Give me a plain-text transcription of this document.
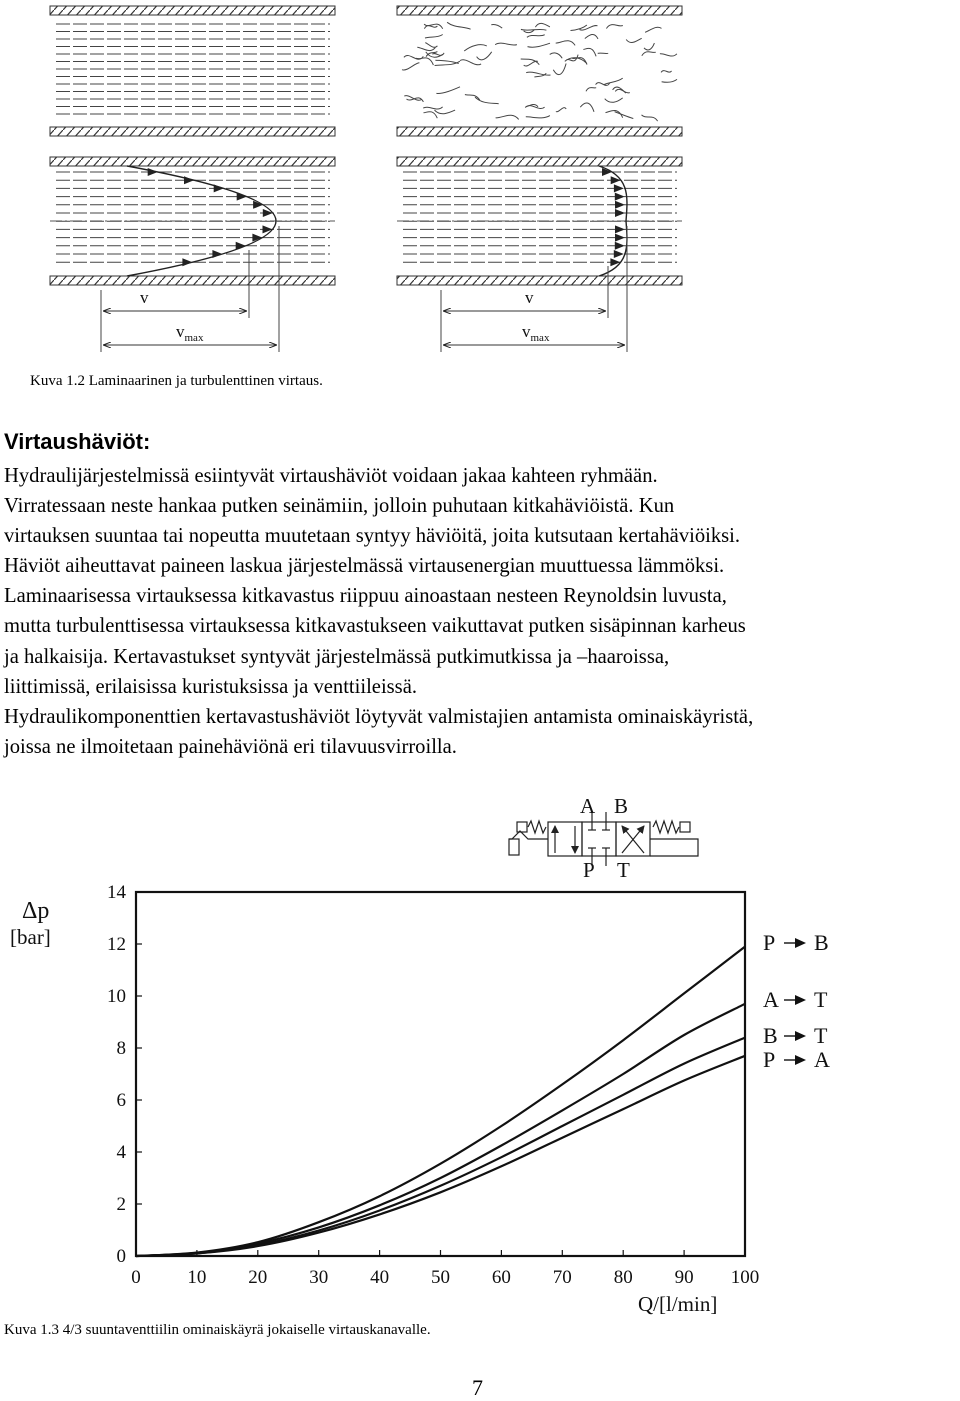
v
$v_{max}$
v
$v_{max}$
Kuva 1.2 Laminaarinen ja turbulenttinen virtaus.
Virtaushäviöt:

Hydraulijärjestelmissä esiintyvät virtaushäviöt voidaan jakaa kahteen ryhmään.

Virratessaan neste hankaa putken seinämiin, jolloin puhutaan kitkahäviöistä. Kun

virtauksen suuntaa tai nopeutta muutetaan syntyy häviöitä, joita kutsutaan kertahäviöiksi.

Häviöt aiheuttavat paineen laskua järjestelmässä virtausenergian muuttuessa lämmöksi.

Laminaarisessa virtauksessa kitkavastus riippuu ainoastaan nesteen Reynoldsin luvusta,

mutta turbulenttisessa virtauksessa kitkavastukseen vaikuttavat putken sisäpinnan karheus

ja halkaisija. Kertavastukset syntyvät järjestelmässä putkimutkissa ja –haaroissa,

liittimissä, erilaisissa kuristuksissa ja venttiileissä.

Hydraulikomponenttien kertavastushäviöt löytyvät valmistajien antamista ominaiskäyristä,

joissa ne ilmoitetaan painehäviönä eri tilavuusvirroilla.

A B
P T
0 10 20 30 40 50 60 70 80 90 100
0
2
4
6
8
10
12
14
P B
A T
B T
P A
Δp
[bar]
Q/[l/min]
Kuva 1.3 4/3 suuntaventtiilin ominaiskäyrä jokaiselle virtauskanavalle.
7
